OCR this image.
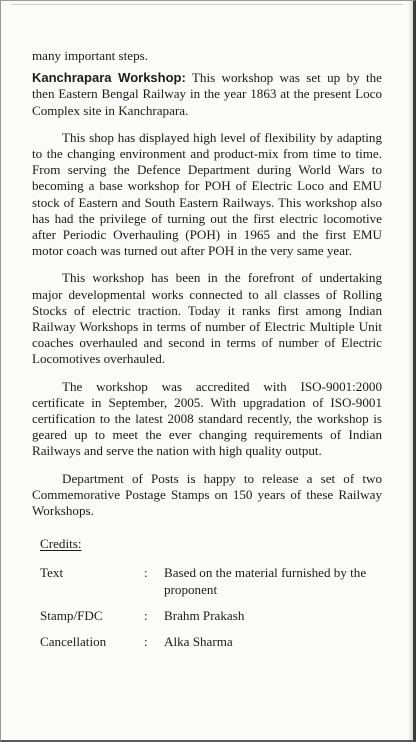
many important steps.

Kanchrapara Workshop: This workshop was set up by the then Eastern Bengal Railway in the year 1863 at the present Loco Complex site in Kanchrapara.

This shop has displayed high level of flexibility by adapting to the changing environment and product-mix from time to time. From serving the Defence Department during World Wars to becoming a base workshop for POH of Electric Loco and EMU stock of Eastern and South Eastern Railways. This workshop also has had the privilege of turning out the first electric locomotive after Periodic Overhauling (POH) in 1965 and the first EMU motor coach was turned out after POH in the very same year.

This workshop has been in the forefront of undertaking major developmental works connected to all classes of Rolling Stocks of electric traction. Today it ranks first among Indian Railway Workshops in terms of number of Electric Multiple Unit coaches overhauled and second in terms of number of Electric Locomotives overhauled.

The workshop was accredited with ISO-9001:2000 certificate in September, 2005. With upgradation of ISO-9001 certification to the latest 2008 standard recently, the workshop is geared up to meet the ever changing requirements of Indian Railways and serve the nation with high quality output.

Department of Posts is happy to release a set of two Commemorative Postage Stamps on 150 years of these Railway Workshops.

Credits:
Text	:	Based on the material furnished by the proponent
Stamp/FDC	:	Brahm Prakash
Cancellation	:	Alka Sharma
